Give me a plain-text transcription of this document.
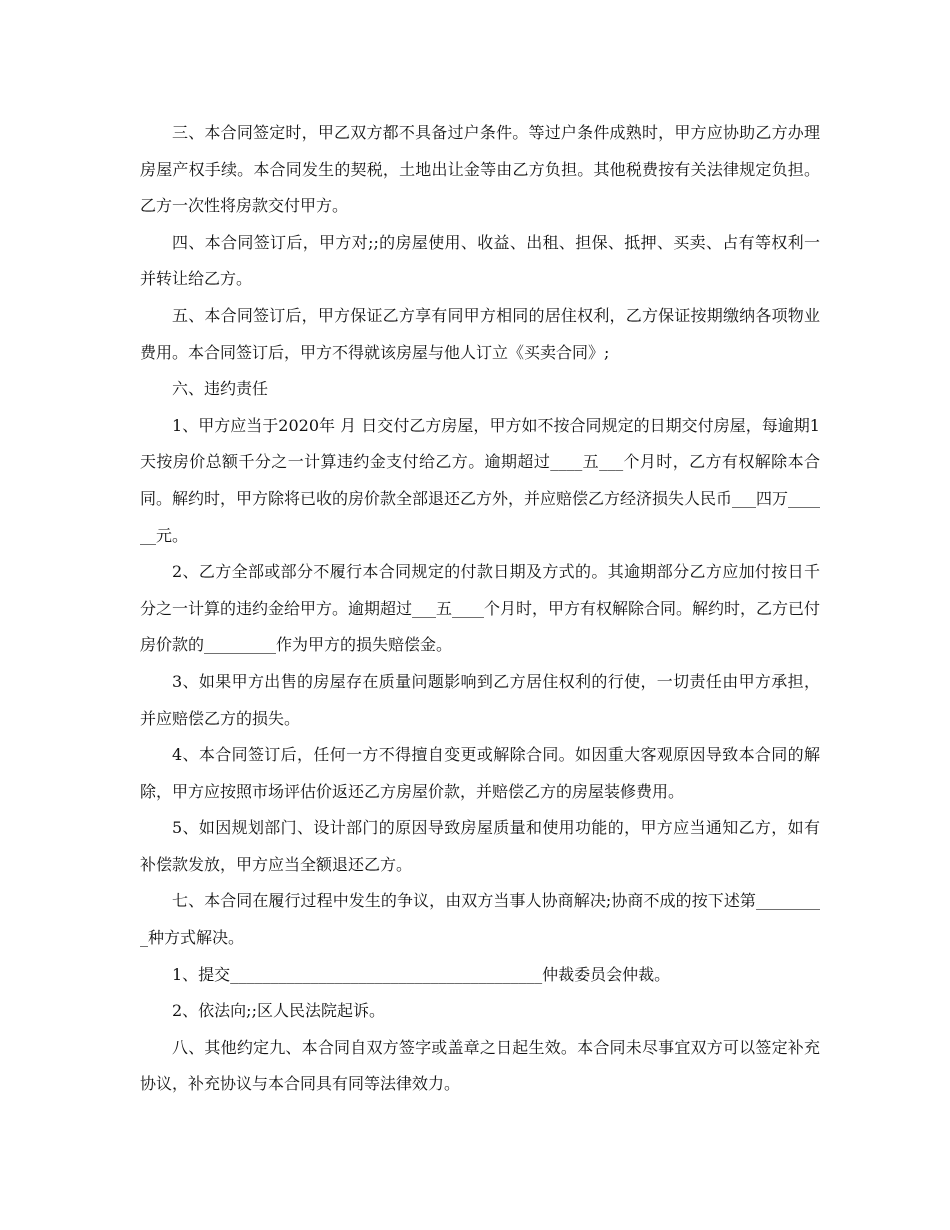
三、本合同签定时，甲乙双方都不具备过户条件。等过户条件成熟时，甲方应协助乙方办理房屋产权手续。本合同发生的契税，土地出让金等由乙方负担。其他税费按有关法律规定负担。乙方一次性将房款交付甲方。

四、本合同签订后，甲方对;;的房屋使用、收益、出租、担保、抵押、买卖、占有等权利一并转让给乙方。

五、本合同签订后，甲方保证乙方享有同甲方相同的居住权利，乙方保证按期缴纳各项物业费用。本合同签订后，甲方不得就该房屋与他人订立《买卖合同》;

六、违约责任

1、甲方应当于2020年 月 日交付乙方房屋，甲方如不按合同规定的日期交付房屋，每逾期1天按房价总额千分之一计算违约金支付给乙方。逾期超过____五___个月时，乙方有权解除本合同。解约时，甲方除将已收的房价款全部退还乙方外，并应赔偿乙方经济损失人民币___四万______元。

2、乙方全部或部分不履行本合同规定的付款日期及方式的。其逾期部分乙方应加付按日千分之一计算的违约金给甲方。逾期超过___五____个月时，甲方有权解除合同。解约时，乙方已付房价款的_________作为甲方的损失赔偿金。

3、如果甲方出售的房屋存在质量问题影响到乙方居住权利的行使，一切责任由甲方承担，并应赔偿乙方的损失。

4、本合同签订后，任何一方不得擅自变更或解除合同。如因重大客观原因导致本合同的解除，甲方应按照市场评估价返还乙方房屋价款，并赔偿乙方的房屋装修费用。

5、如因规划部门、设计部门的原因导致房屋质量和使用功能的，甲方应当通知乙方，如有补偿款发放，甲方应当全额退还乙方。

七、本合同在履行过程中发生的争议，由双方当事人协商解决;协商不成的按下述第_________种方式解决。

1、提交_______________________________________仲裁委员会仲裁。

2、依法向;;区人民法院起诉。

八、其他约定九、本合同自双方签字或盖章之日起生效。本合同未尽事宜双方可以签定补充协议，补充协议与本合同具有同等法律效力。
